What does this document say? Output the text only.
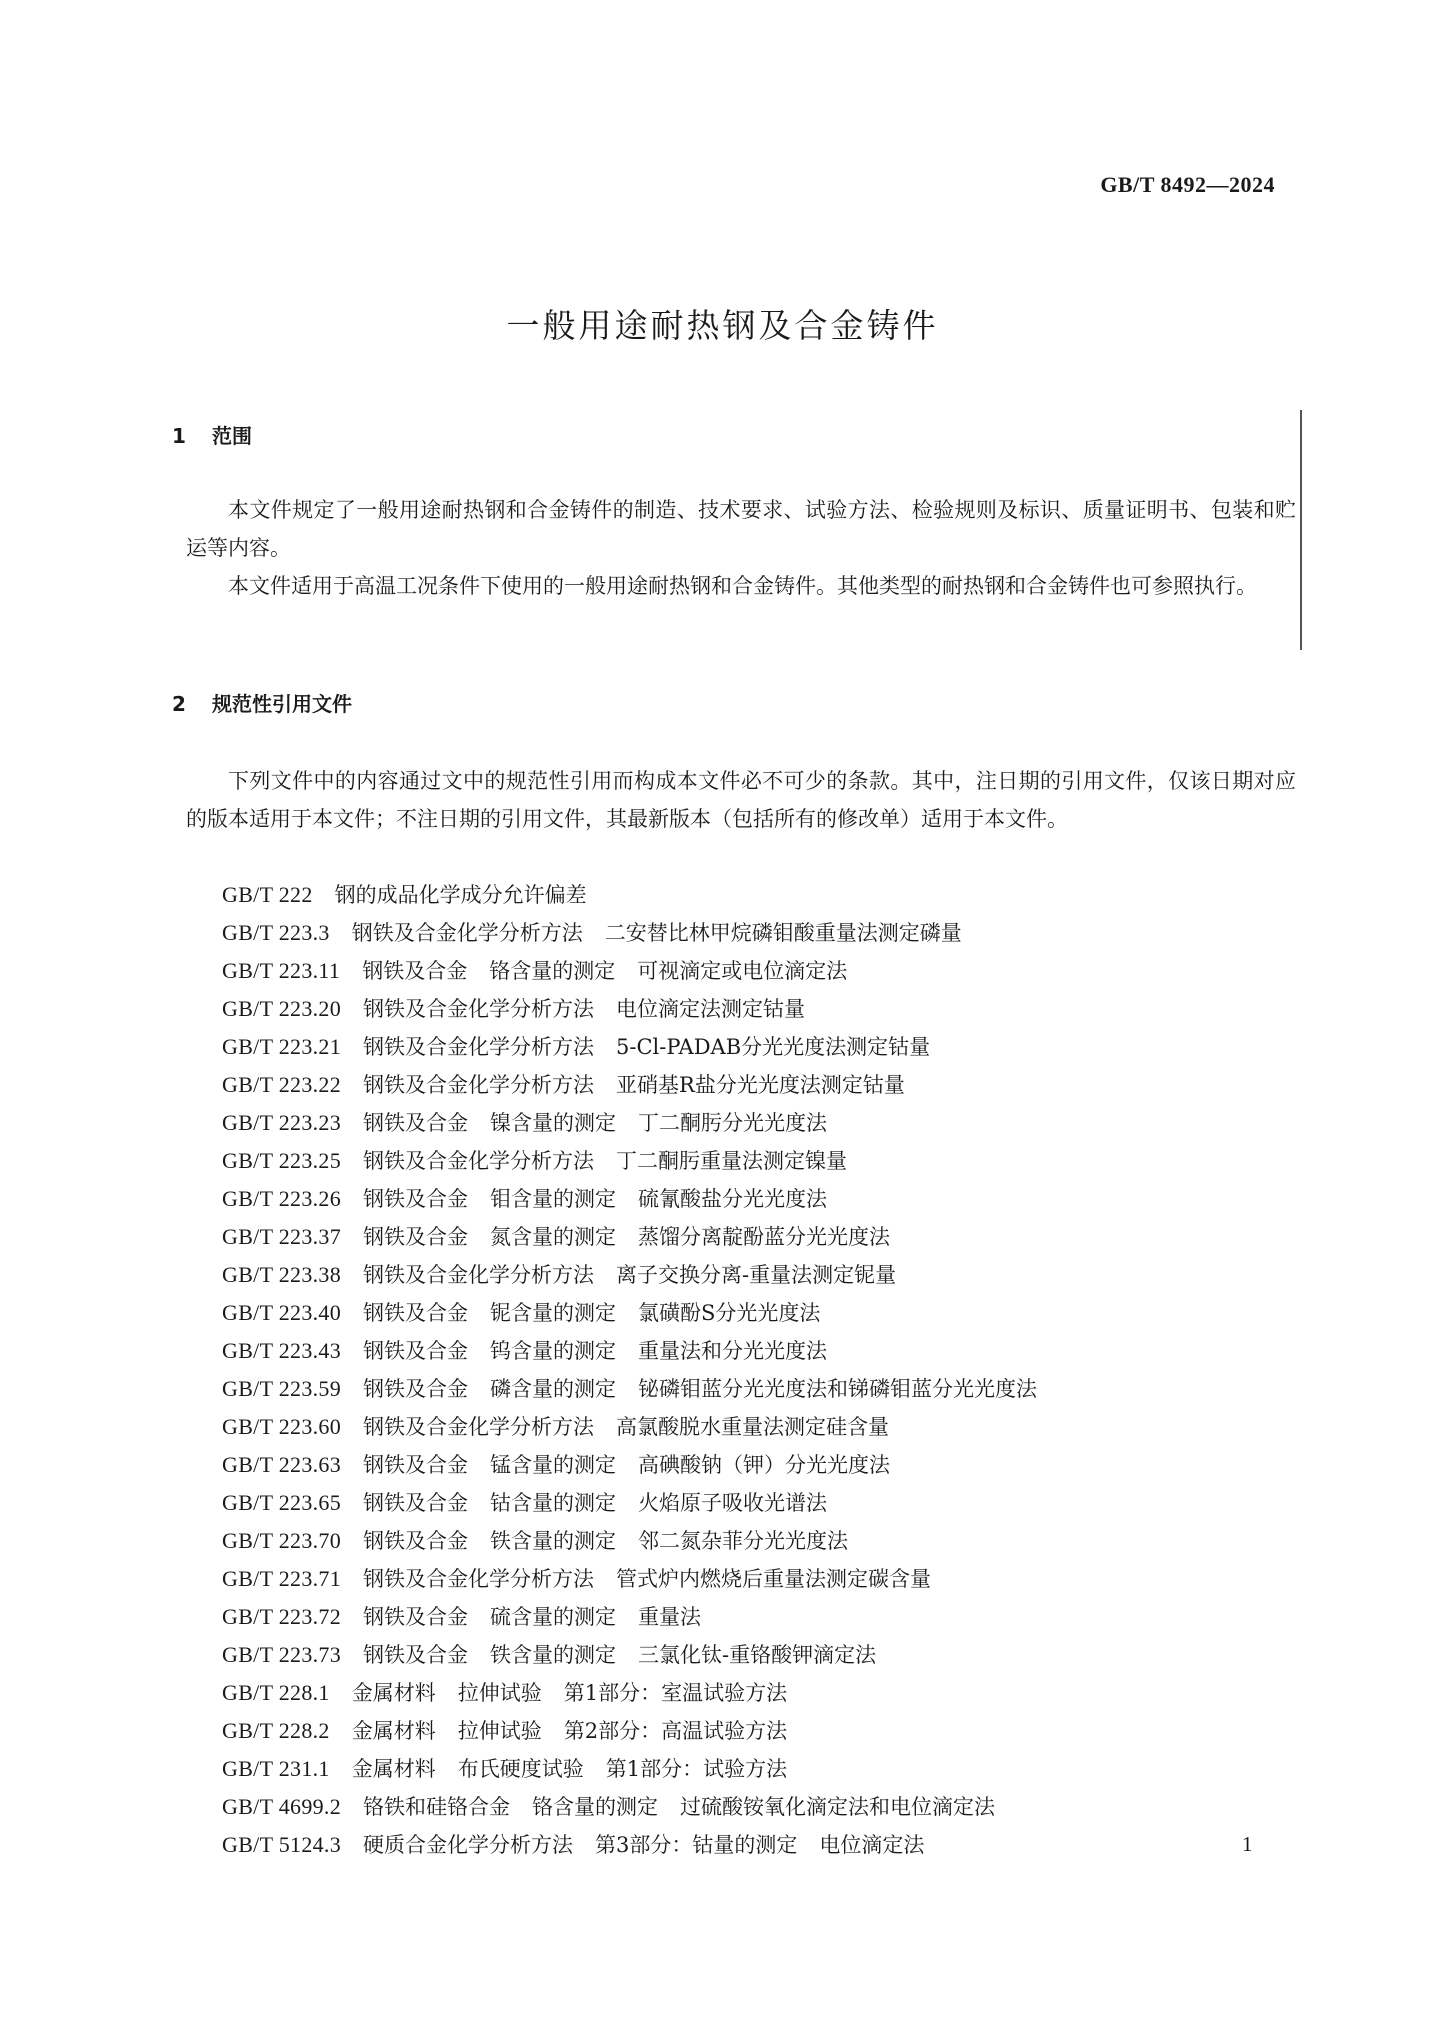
GB/T 8492—2024
一般用途耐热钢及合金铸件
1 范围

本文件规定了一般用途耐热钢和合金铸件的制造、技术要求、试验方法、检验规则及标识、质量证明书、包装和贮运等内容。

本文件适用于高温工况条件下使用的一般用途耐热钢和合金铸件。其他类型的耐热钢和合金铸件也可参照执行。

2 规范性引用文件

下列文件中的内容通过文中的规范性引用而构成本文件必不可少的条款。其中，注日期的引用文件，仅该日期对应的版本适用于本文件；不注日期的引用文件，其最新版本（包括所有的修改单）适用于本文件。

GB/T 222 钢的成品化学成分允许偏差
GB/T 223.3 钢铁及合金化学分析方法 二安替比林甲烷磷钼酸重量法测定磷量
GB/T 223.11 钢铁及合金 铬含量的测定 可视滴定或电位滴定法
GB/T 223.20 钢铁及合金化学分析方法 电位滴定法测定钴量
GB/T 223.21 钢铁及合金化学分析方法 5-Cl-PADAB分光光度法测定钴量
GB/T 223.22 钢铁及合金化学分析方法 亚硝基R盐分光光度法测定钴量
GB/T 223.23 钢铁及合金 镍含量的测定 丁二酮肟分光光度法
GB/T 223.25 钢铁及合金化学分析方法 丁二酮肟重量法测定镍量
GB/T 223.26 钢铁及合金 钼含量的测定 硫氰酸盐分光光度法
GB/T 223.37 钢铁及合金 氮含量的测定 蒸馏分离靛酚蓝分光光度法
GB/T 223.38 钢铁及合金化学分析方法 离子交换分离-重量法测定铌量
GB/T 223.40 钢铁及合金 铌含量的测定 氯磺酚S分光光度法
GB/T 223.43 钢铁及合金 钨含量的测定 重量法和分光光度法
GB/T 223.59 钢铁及合金 磷含量的测定 铋磷钼蓝分光光度法和锑磷钼蓝分光光度法
GB/T 223.60 钢铁及合金化学分析方法 高氯酸脱水重量法测定硅含量
GB/T 223.63 钢铁及合金 锰含量的测定 高碘酸钠（钾）分光光度法
GB/T 223.65 钢铁及合金 钴含量的测定 火焰原子吸收光谱法
GB/T 223.70 钢铁及合金 铁含量的测定 邻二氮杂菲分光光度法
GB/T 223.71 钢铁及合金化学分析方法 管式炉内燃烧后重量法测定碳含量
GB/T 223.72 钢铁及合金 硫含量的测定 重量法
GB/T 223.73 钢铁及合金 铁含量的测定 三氯化钛-重铬酸钾滴定法
GB/T 228.1 金属材料 拉伸试验 第1部分：室温试验方法
GB/T 228.2 金属材料 拉伸试验 第2部分：高温试验方法
GB/T 231.1 金属材料 布氏硬度试验 第1部分：试验方法
GB/T 4699.2 铬铁和硅铬合金 铬含量的测定 过硫酸铵氧化滴定法和电位滴定法
GB/T 5124.3 硬质合金化学分析方法 第3部分：钴量的测定 电位滴定法	1
